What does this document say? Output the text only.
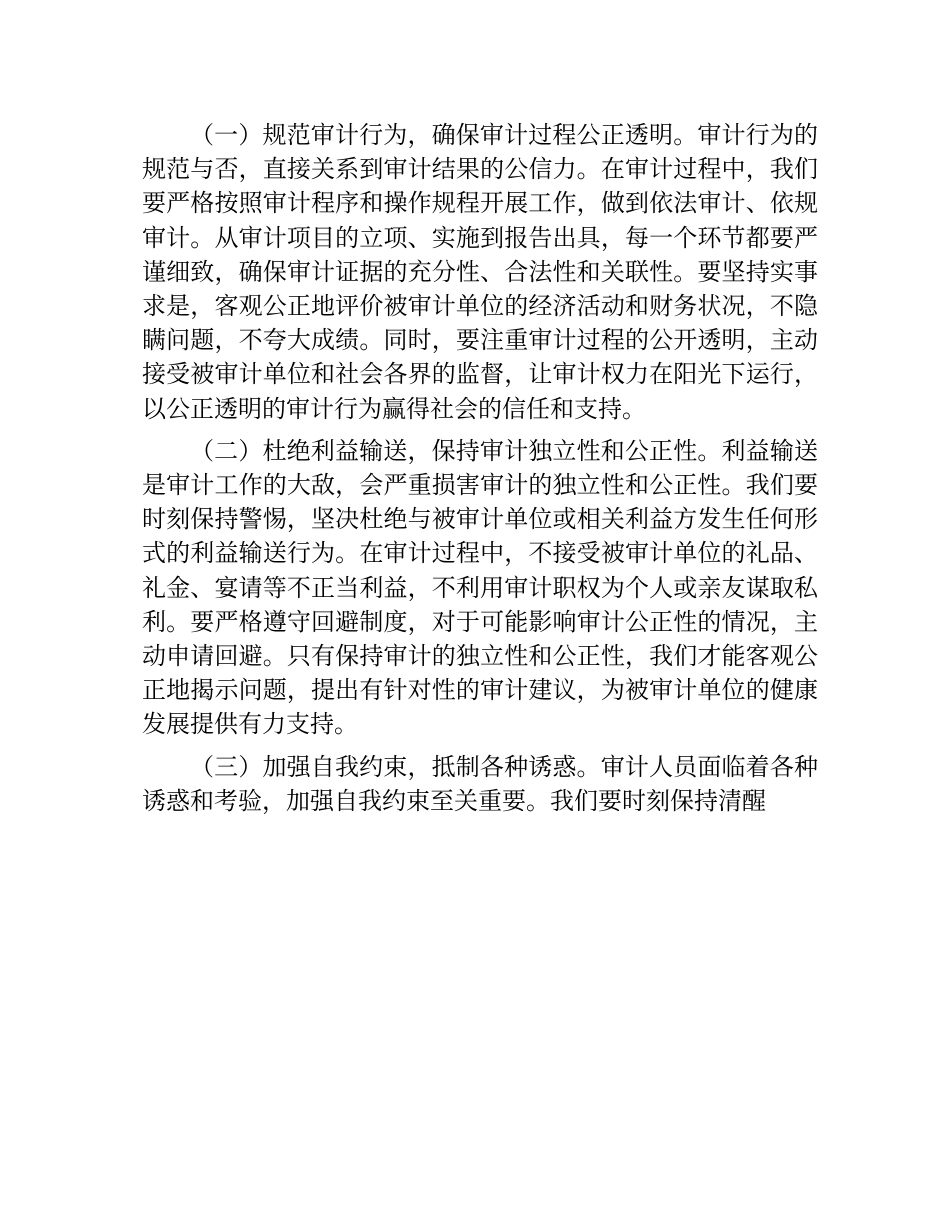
（一）规范审计行为，确保审计过程公正透明。审计行为的规范与否，直接关系到审计结果的公信力。在审计过程中，我们要严格按照审计程序和操作规程开展工作，做到依法审计、依规审计。从审计项目的立项、实施到报告出具，每一个环节都要严谨细致，确保审计证据的充分性、合法性和关联性。要坚持实事求是，客观公正地评价被审计单位的经济活动和财务状况，不隐瞒问题，不夸大成绩。同时，要注重审计过程的公开透明，主动接受被审计单位和社会各界的监督，让审计权力在阳光下运行，以公正透明的审计行为赢得社会的信任和支持。

（二）杜绝利益输送，保持审计独立性和公正性。利益输送是审计工作的大敌，会严重损害审计的独立性和公正性。我们要时刻保持警惕，坚决杜绝与被审计单位或相关利益方发生任何形式的利益输送行为。在审计过程中，不接受被审计单位的礼品、礼金、宴请等不正当利益，不利用审计职权为个人或亲友谋取私利。要严格遵守回避制度，对于可能影响审计公正性的情况，主动申请回避。只有保持审计的独立性和公正性，我们才能客观公正地揭示问题，提出有针对性的审计建议，为被审计单位的健康发展提供有力支持。

（三）加强自我约束，抵制各种诱惑。审计人员面临着各种诱惑和考验，加强自我约束至关重要。我们要时刻保持清醒
